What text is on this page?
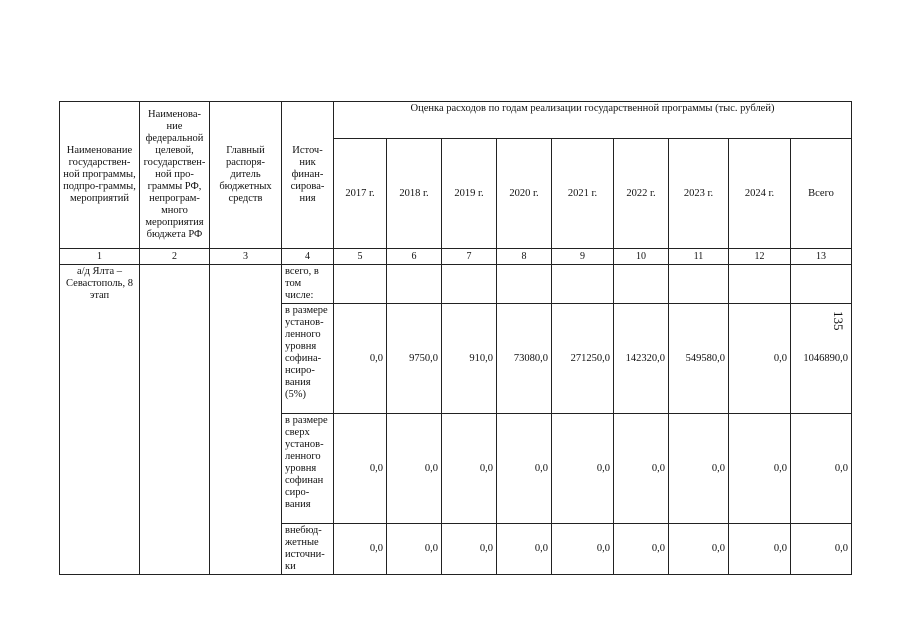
135
Наименование государствен-ной программы, подпро-граммы, мероприятий	Наименова-ние федеральной целевой, государствен-ной про-граммы РФ, непрограм-много мероприятия бюджета РФ	Главный распоря-дитель бюджетных средств	Источ-ник финан-сирова-ния	Оценка расходов по годам реализации государственной программы (тыс. рублей)								
				2017 г.	2018 г.	2019 г.	2020 г.	2021 г.	2022 г.	2023 г.	2024 г.	Всего
1	2	3	4	5	6	7	8	9	10	11	12	13
а/д Ялта – Севастополь, 8 этап			всего, в том числе:									
			в размере установ-ленного уровня софина-нсиро-вания (5%)	0,0	9750,0	910,0	73080,0	271250,0	142320,0	549580,0	0,0	1046890,0
			в размере сверх установ-ленного уровня софинан сиро-вания	0,0	0,0	0,0	0,0	0,0	0,0	0,0	0,0	0,0
			внебюд-жетные источни-ки	0,0	0,0	0,0	0,0	0,0	0,0	0,0	0,0	0,0
